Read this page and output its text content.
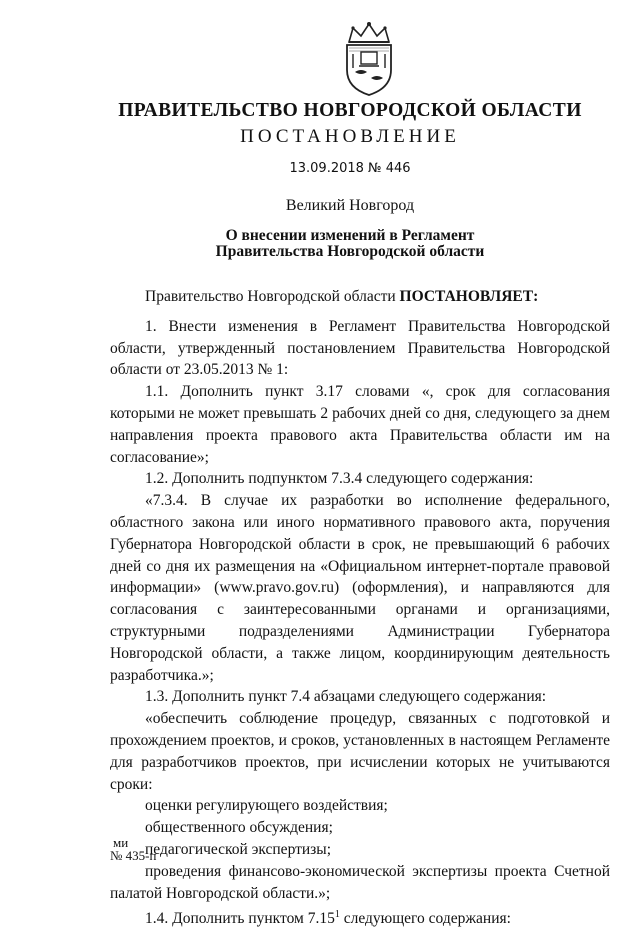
ПРАВИТЕЛЬСТВО НОВГОРОДСКОЙ ОБЛАСТИ
ПОСТАНОВЛЕНИЕ
13.09.2018 № 446
Великий Новгород
О внесении изменений в Регламент
Правительства Новгородской области

Правительство Новгородской области ПОСТАНОВЛЯЕТ:

1. Внести изменения в Регламент Правительства Новгородской области, утвержденный постановлением Правительства Новгородской области от 23.05.2013 № 1:

1.1. Дополнить пункт 3.17 словами «, срок для согласования которыми не может превышать 2 рабочих дней со дня, следующего за днем направления проекта правового акта Правительства области им на согласование»;

1.2. Дополнить подпунктом 7.3.4 следующего содержания:

«7.3.4. В случае их разработки во исполнение федерального, областного закона или иного нормативного правового акта, поручения Губернатора Новгородской области в срок, не превышающий 6 рабочих дней со дня их размещения на «Официальном интернет-портале правовой информации» (www.pravo.gov.ru) (оформления), и направляются для согласования с заинтересованными органами и организациями, структурными подразделениями Администрации Губернатора Новгородской области, а также лицом, координирующим деятельность разработчика.»;

1.3. Дополнить пункт 7.4 абзацами следующего содержания:

«обеспечить соблюдение процедур, связанных с подготовкой и прохождением проектов, и сроков, установленных в настоящем Регламенте для разработчиков проектов, при исчислении которых не учитываются сроки:

оценки регулирующего воздействия;

общественного обсуждения;

педагогической экспертизы;

проведения финансово-экономической экспертизы проекта Счетной палатой Новгородской области.»;

1.4. Дополнить пунктом 7.15$^1$ следующего содержания:

ми
№ 435-п
